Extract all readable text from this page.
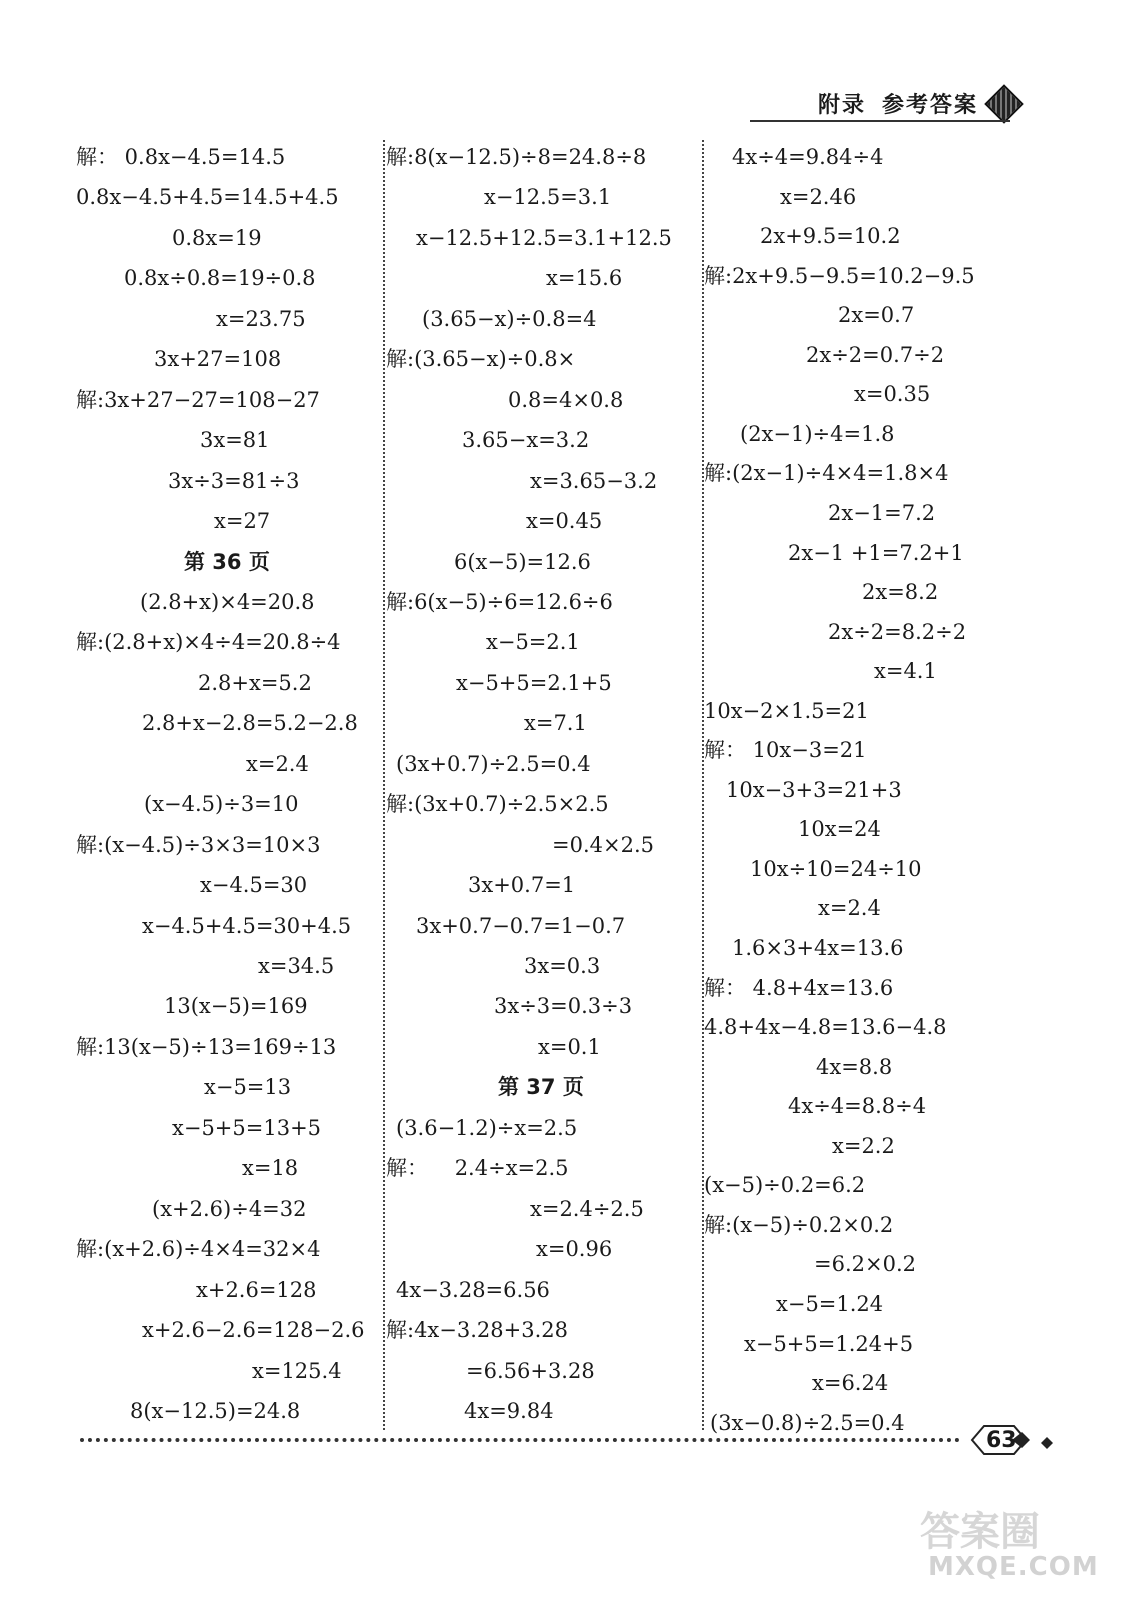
附录 参考答案
解： 0.8x−4.5=14.5
0.8x−4.5+4.5=14.5+4.5
0.8x=19
0.8x÷0.8=19÷0.8
x=23.75
3x+27=108
解:3x+27−27=108−27
3x=81
3x÷3=81÷3
x=27
第 36 页
(2.8+x)×4=20.8
解:(2.8+x)×4÷4=20.8÷4
2.8+x=5.2
2.8+x−2.8=5.2−2.8
x=2.4
(x−4.5)÷3=10
解:(x−4.5)÷3×3=10×3
x−4.5=30
x−4.5+4.5=30+4.5
x=34.5
13(x−5)=169
解:13(x−5)÷13=169÷13
x−5=13
x−5+5=13+5
x=18
(x+2.6)÷4=32
解:(x+2.6)÷4×4=32×4
x+2.6=128
x+2.6−2.6=128−2.6
x=125.4
8(x−12.5)=24.8
解:8(x−12.5)÷8=24.8÷8
x−12.5=3.1
x−12.5+12.5=3.1+12.5
x=15.6
(3.65−x)÷0.8=4
解:(3.65−x)÷0.8×
0.8=4×0.8
3.65−x=3.2
x=3.65−3.2
x=0.45
6(x−5)=12.6
解:6(x−5)÷6=12.6÷6
x−5=2.1
x−5+5=2.1+5
x=7.1
(3x+0.7)÷2.5=0.4
解:(3x+0.7)÷2.5×2.5
=0.4×2.5
3x+0.7=1
3x+0.7−0.7=1−0.7
3x=0.3
3x÷3=0.3÷3
x=0.1
第 37 页
(3.6−1.2)÷x=2.5
解：    2.4÷x=2.5
x=2.4÷2.5
x=0.96
4x−3.28=6.56
解:4x−3.28+3.28
=6.56+3.28
4x=9.84
4x÷4=9.84÷4
x=2.46
2x+9.5=10.2
解:2x+9.5−9.5=10.2−9.5
2x=0.7
2x÷2=0.7÷2
x=0.35
(2x−1)÷4=1.8
解:(2x−1)÷4×4=1.8×4
2x−1=7.2
2x−1 +1=7.2+1
2x=8.2
2x÷2=8.2÷2
x=4.1
10x−2×1.5=21
解： 10x−3=21
10x−3+3=21+3
10x=24
10x÷10=24÷10
x=2.4
1.6×3+4x=13.6
解： 4.8+4x=13.6
4.8+4x−4.8=13.6−4.8
4x=8.8
4x÷4=8.8÷4
x=2.2
(x−5)÷0.2=6.2
解:(x−5)÷0.2×0.2
=6.2×0.2
x−5=1.24
x−5+5=1.24+5
x=6.24
(3x−0.8)÷2.5=0.4
63
答案圈
MXQE.COM
